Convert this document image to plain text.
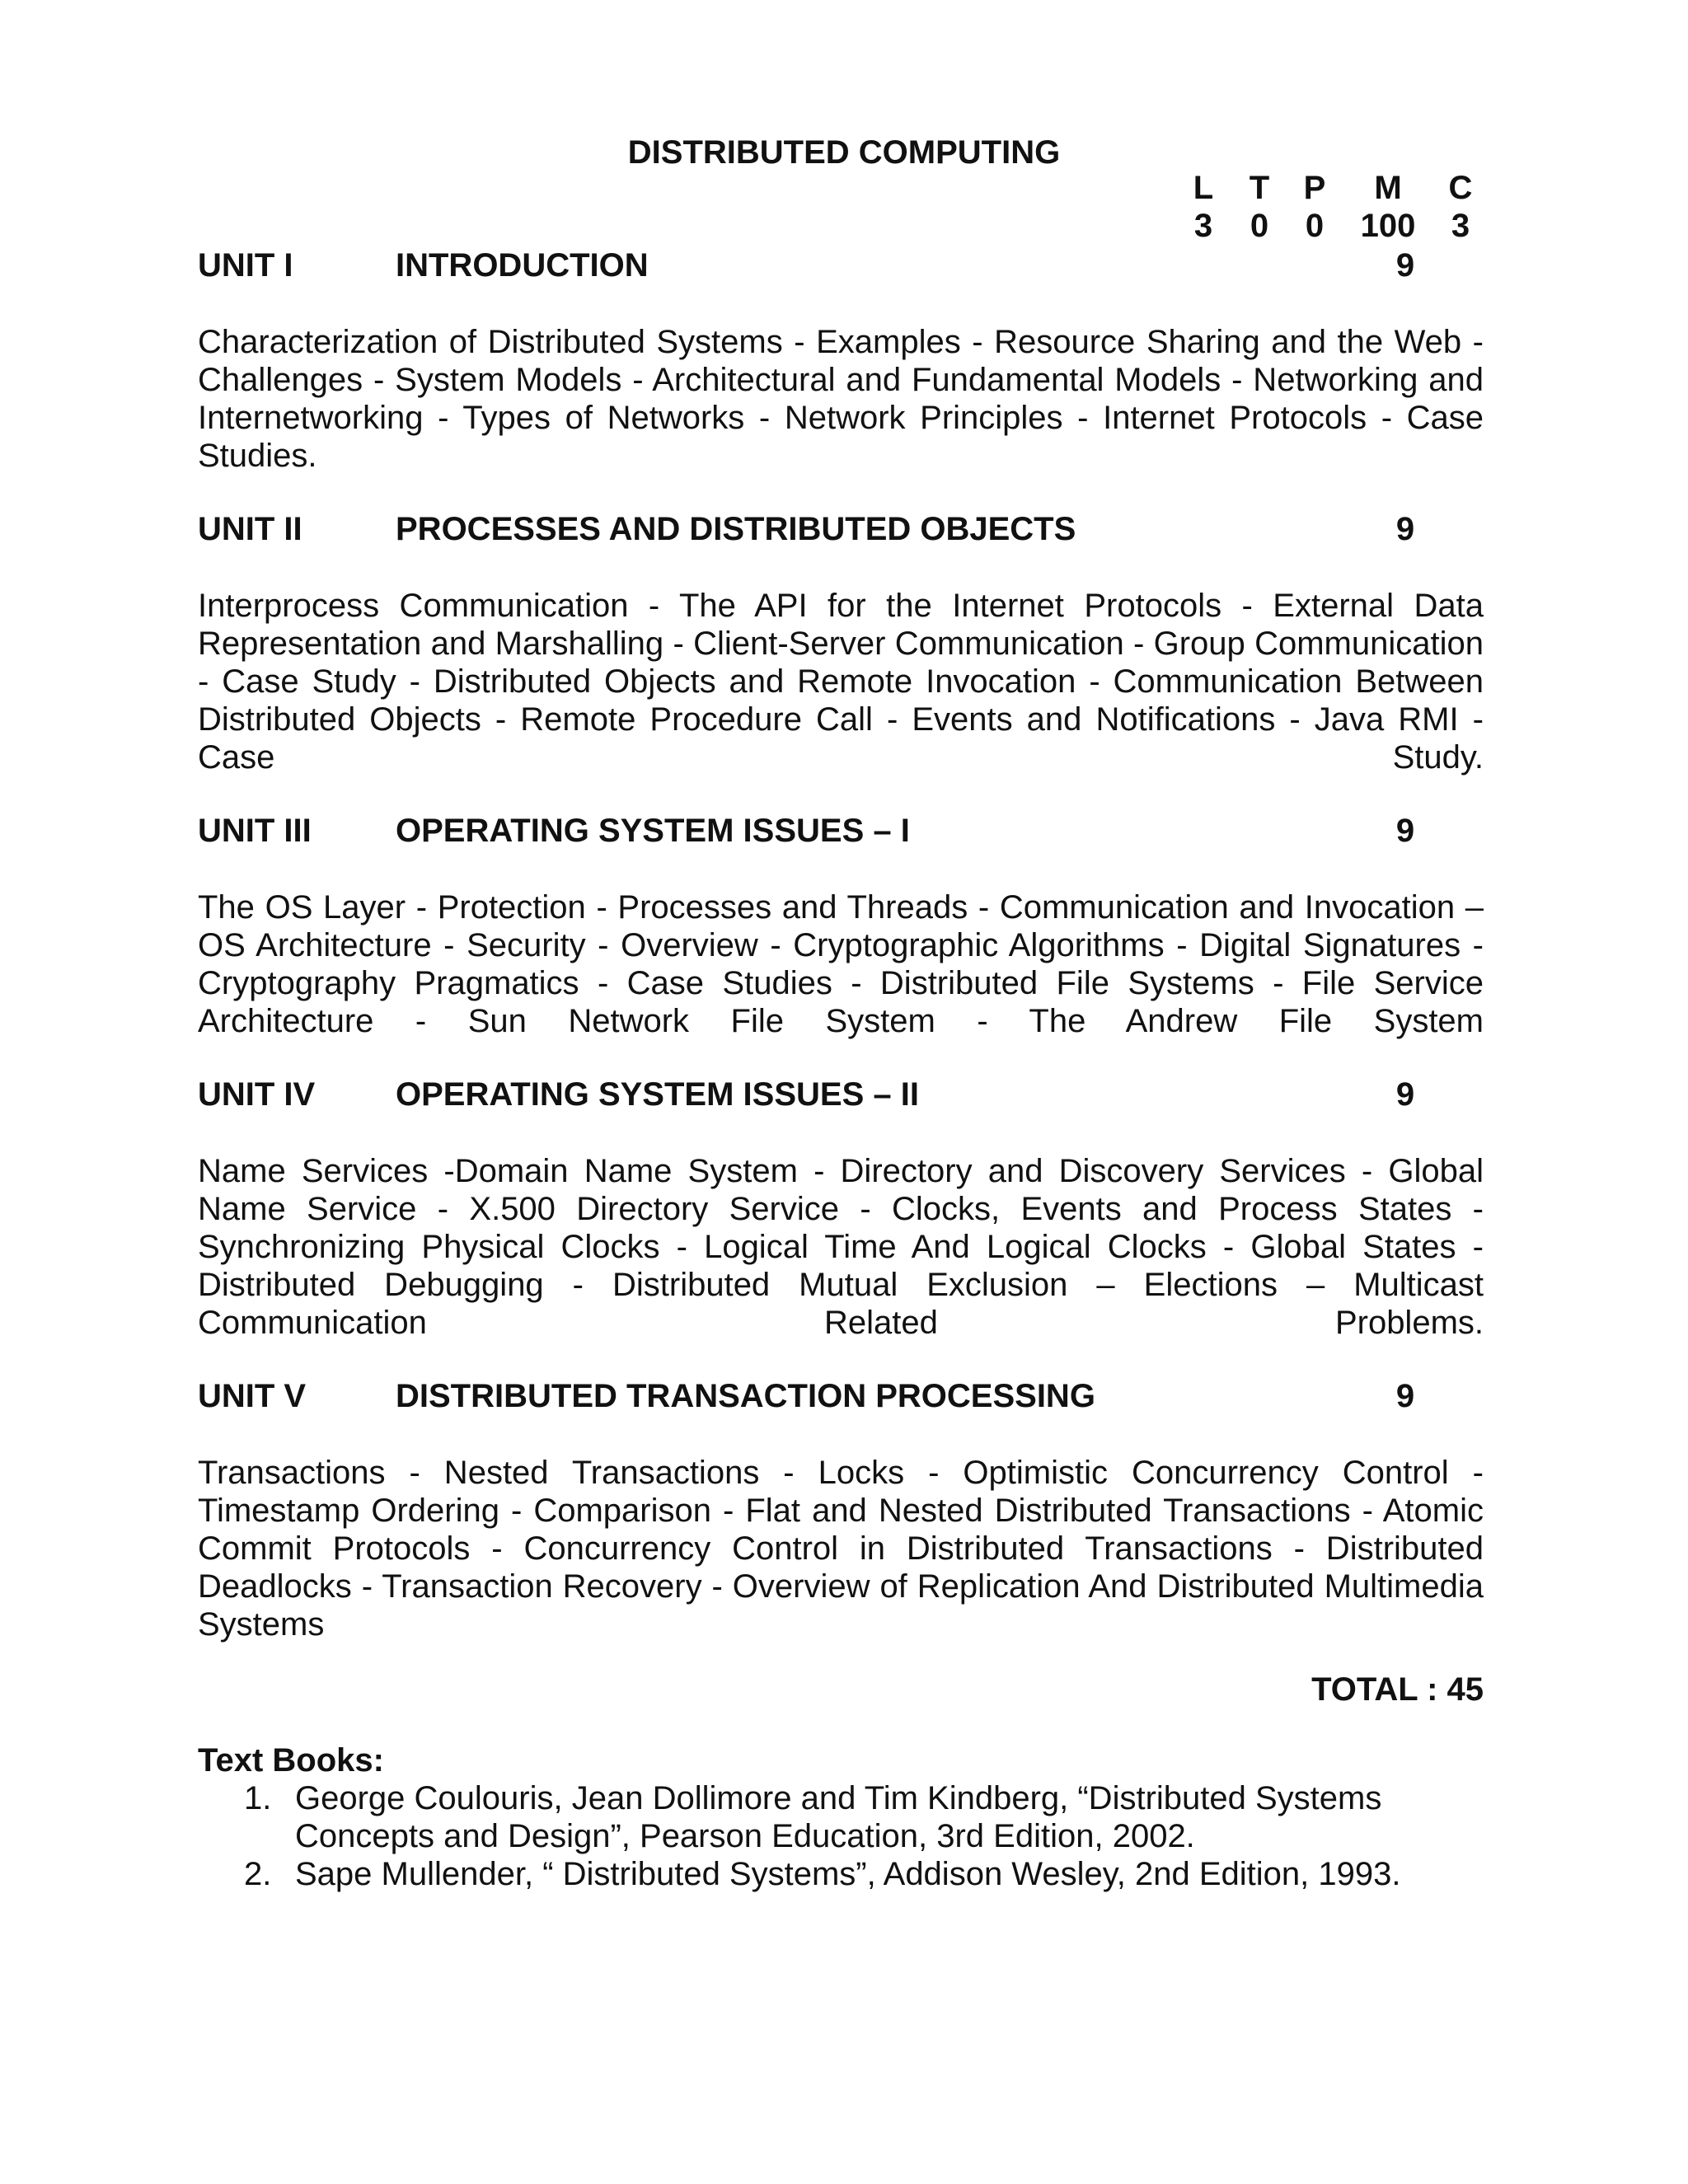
DISTRIBUTED COMPUTING
L	T	P	M	C
3	0	0	100	3
UNIT I	INTRODUCTION	9

Characterization of Distributed Systems - Examples - Resource Sharing and the Web - Challenges - System Models - Architectural and Fundamental Models - Networking and Internetworking - Types of Networks - Network Principles - Internet Protocols - Case Studies.

UNIT II	PROCESSES AND DISTRIBUTED OBJECTS	9

Interprocess Communication - The API for the Internet Protocols - External Data Representation and Marshalling - Client-Server Communication - Group Communication - Case Study - Distributed Objects and Remote Invocation - Communication Between Distributed Objects - Remote Procedure Call - Events and Notifications - Java RMI - Case Study.

UNIT III	OPERATING SYSTEM ISSUES – I	9

The OS Layer - Protection - Processes and Threads - Communication and Invocation – OS Architecture - Security - Overview - Cryptographic Algorithms - Digital Signatures - Cryptography Pragmatics - Case Studies - Distributed File Systems - File Service Architecture - Sun Network File System - The Andrew File System

UNIT IV OPERATING SYSTEM ISSUES – II	9

Name Services -Domain Name System - Directory and Discovery Services - Global Name Service - X.500 Directory Service - Clocks, Events and Process States - Synchronizing Physical Clocks - Logical Time And Logical Clocks - Global States - Distributed Debugging - Distributed Mutual Exclusion – Elections – Multicast Communication Related Problems.

UNIT V	DISTRIBUTED TRANSACTION PROCESSING	9

Transactions - Nested Transactions - Locks - Optimistic Concurrency Control - Timestamp Ordering - Comparison - Flat and Nested Distributed Transactions - Atomic Commit Protocols - Concurrency Control in Distributed Transactions - Distributed Deadlocks - Transaction Recovery - Overview of Replication And Distributed Multimedia Systems

TOTAL : 45
Text Books:
1. George Coulouris, Jean Dollimore and Tim Kindberg, “Distributed Systems Concepts and Design”, Pearson Education, 3rd Edition, 2002.
2. Sape Mullender, “ Distributed Systems”, Addison Wesley, 2nd Edition, 1993.
